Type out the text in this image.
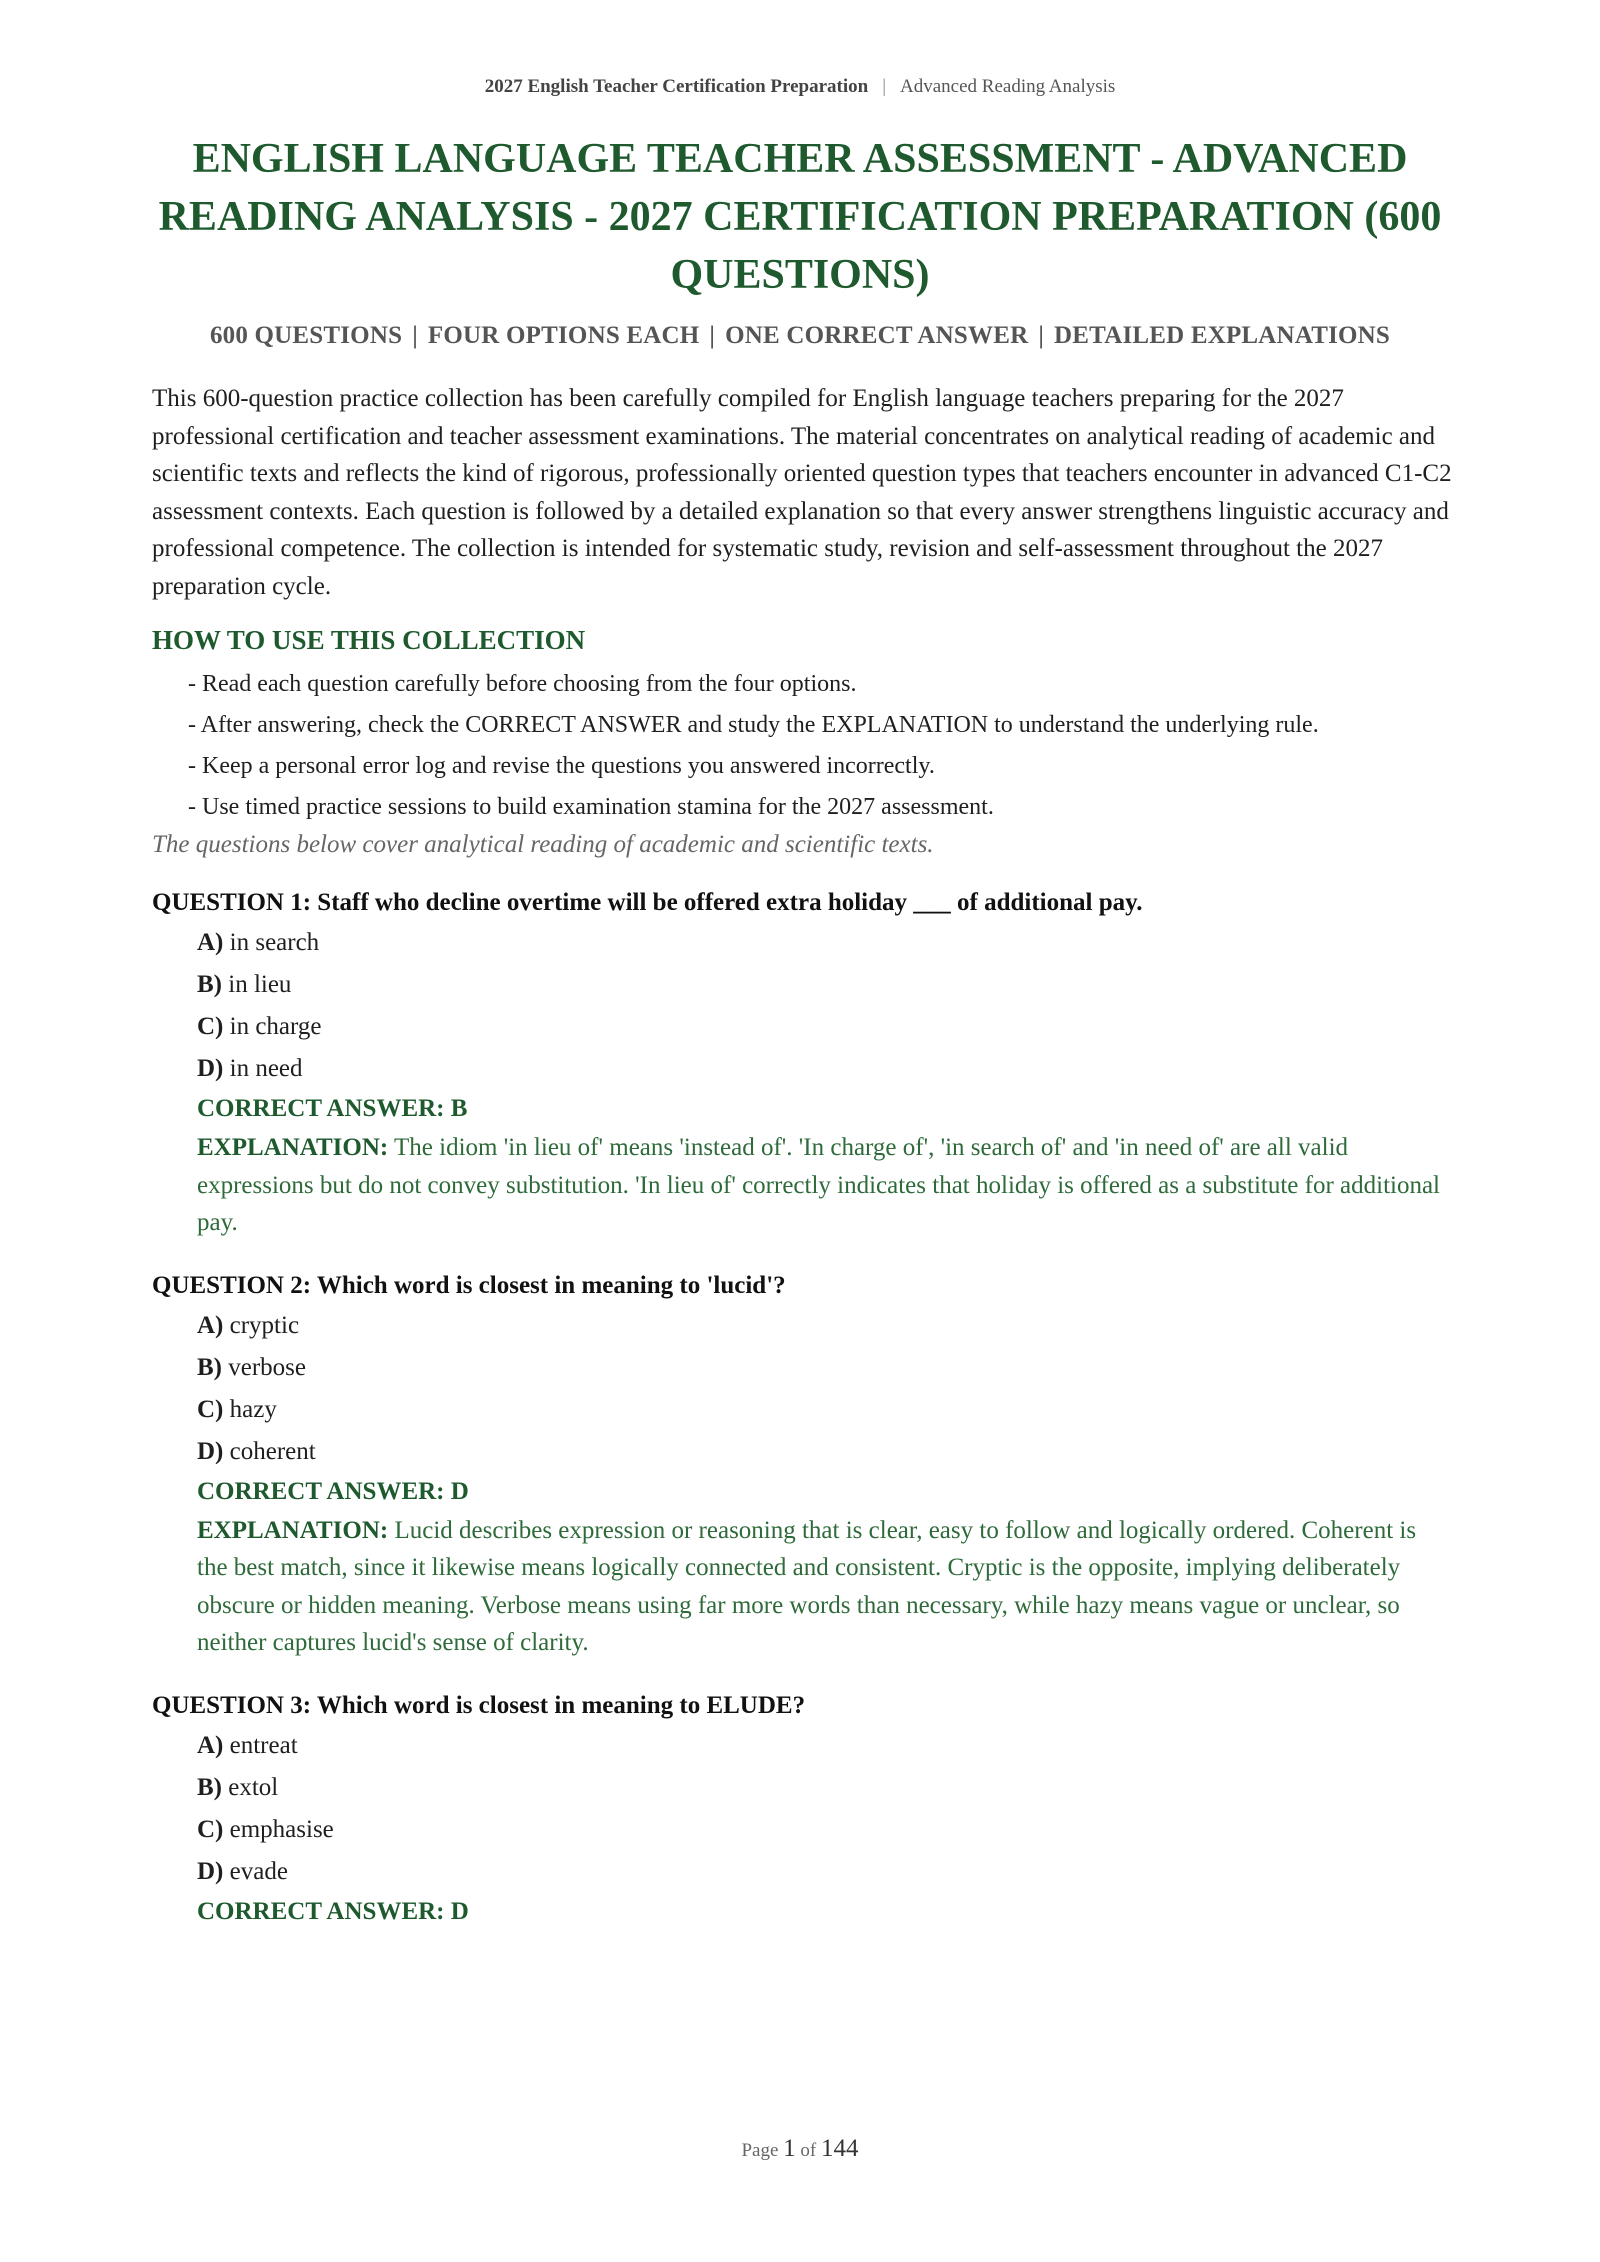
2027 English Teacher Certification Preparation | Advanced Reading Analysis
ENGLISH LANGUAGE TEACHER ASSESSMENT - ADVANCED READING ANALYSIS - 2027 CERTIFICATION PREPARATION (600 QUESTIONS)
600 QUESTIONS | FOUR OPTIONS EACH | ONE CORRECT ANSWER | DETAILED EXPLANATIONS

This 600-question practice collection has been carefully compiled for English language teachers preparing for the 2027 professional certification and teacher assessment examinations. The material concentrates on analytical reading of academic and scientific texts and reflects the kind of rigorous, professionally oriented question types that teachers encounter in advanced C1-C2 assessment contexts. Each question is followed by a detailed explanation so that every answer strengthens linguistic accuracy and professional competence. The collection is intended for systematic study, revision and self-assessment throughout the 2027 preparation cycle.

HOW TO USE THIS COLLECTION
- Read each question carefully before choosing from the four options.
- After answering, check the CORRECT ANSWER and study the EXPLANATION to understand the underlying rule.
- Keep a personal error log and revise the questions you answered incorrectly.
- Use timed practice sessions to build examination stamina for the 2027 assessment.

The questions below cover analytical reading of academic and scientific texts.

QUESTION 1: Staff who decline overtime will be offered extra holiday ___ of additional pay.

A) in search
B) in lieu
C) in charge
D) in need
CORRECT ANSWER: B

EXPLANATION: The idiom 'in lieu of' means 'instead of'. 'In charge of', 'in search of' and 'in need of' are all valid expressions but do not convey substitution. 'In lieu of' correctly indicates that holiday is offered as a substitute for additional pay.

QUESTION 2: Which word is closest in meaning to 'lucid'?

A) cryptic
B) verbose
C) hazy
D) coherent
CORRECT ANSWER: D

EXPLANATION: Lucid describes expression or reasoning that is clear, easy to follow and logically ordered. Coherent is the best match, since it likewise means logically connected and consistent. Cryptic is the opposite, implying deliberately obscure or hidden meaning. Verbose means using far more words than necessary, while hazy means vague or unclear, so neither captures lucid's sense of clarity.

QUESTION 3: Which word is closest in meaning to ELUDE?

A) entreat
B) extol
C) emphasise
D) evade
CORRECT ANSWER: D
Page 1 of 144
